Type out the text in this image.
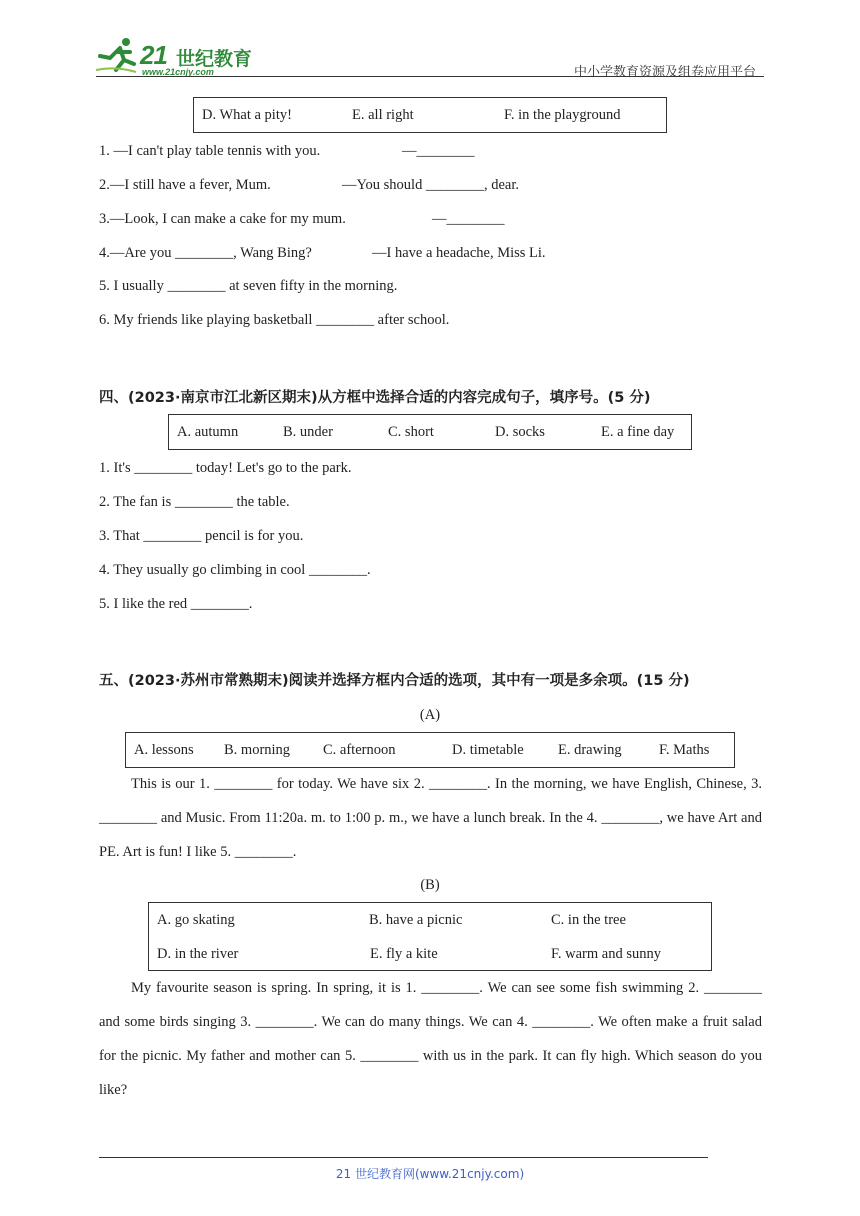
21 世纪教育
www.21cnjy.com	中小学教育资源及组卷应用平台
D. What a pity!	E. all right	F. in the playground
1. —I can't play table tennis with you.	—________
2.—I still have a fever, Mum.	—You should ________, dear.
3.—Look, I can make a cake for my mum.	—________
4.—Are you ________, Wang Bing?	—I have a headache, Miss Li.
5. I usually ________ at seven fifty in the morning.
6. My friends like playing basketball ________ after school.
四、(2023·南京市江北新区期末)从方框中选择合适的内容完成句子，填序号。(5 分)
A. autumn	B. under	C. short	D. socks	E. a fine day
1. It's ________ today! Let's go to the park.
2. The fan is ________ the table.
3. That ________ pencil is for you.
4. They usually go climbing in cool ________.
5. I like the red ________.
五、(2023·苏州市常熟期末)阅读并选择方框内合适的选项，其中有一项是多余项。(15 分)
(A)
A. lessons B. morning C. afternoon	D. timetable E. drawing	F. Maths
This is our 1. ________ for today. We have six 2. ________. In the morning, we have English, Chinese, 3. ________ and Music. From 11:20a. m. to 1:00 p. m., we have a lunch break. In the 4. ________, we have Art and PE. Art is fun! I like 5. ________.
(B)
A. go skating	B. have a picnic	C. in the tree
D. in the river	E. fly a kite	F. warm and sunny
My favourite season is spring. In spring, it is 1. ________. We can see some fish swimming 2. ________ and some birds singing 3. ________. We can do many things. We can 4. ________. We often make a fruit salad for the picnic. My father and mother can 5. ________ with us in the park. It can fly high. Which season do you like?
21 世纪教育网(www.21cnjy.com)
